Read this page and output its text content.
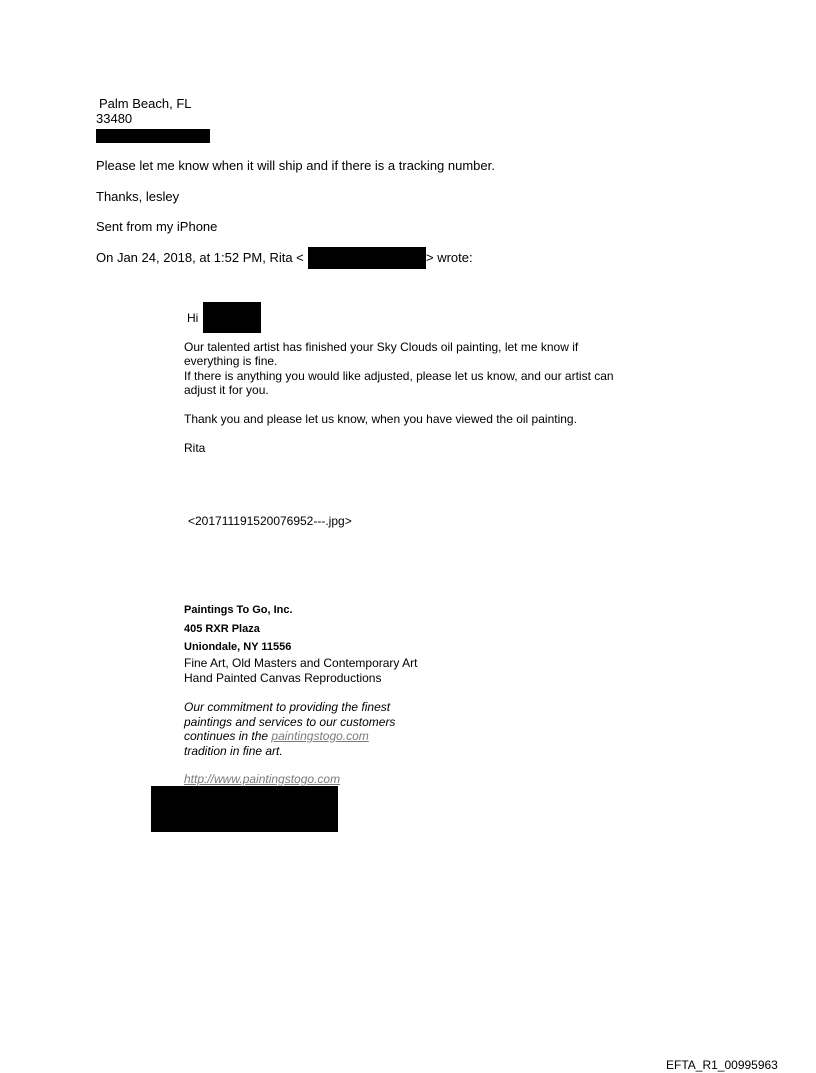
Palm Beach, FL
33480
Please let me know when it will ship and if there is a tracking number.
Thanks, lesley
Sent from my iPhone
On Jan 24, 2018, at 1:52 PM, Rita <	> wrote:
Hi
Our talented artist has finished your Sky Clouds oil painting, let me know if
everything is fine.
If there is anything you would like adjusted, please let us know, and our artist can
adjust it for you.
Thank you and please let us know, when you have viewed the oil painting.
Rita
<201711191520076952---.jpg>
Paintings To Go, Inc.
405 RXR Plaza
Uniondale, NY 11556
Fine Art, Old Masters and Contemporary Art
Hand Painted Canvas Reproductions
Our commitment to providing the finest
paintings and services to our customers
continues in the paintingstogo.com
tradition in fine art.
http://www.paintingstogo.com
EFTA_R1_00995963
